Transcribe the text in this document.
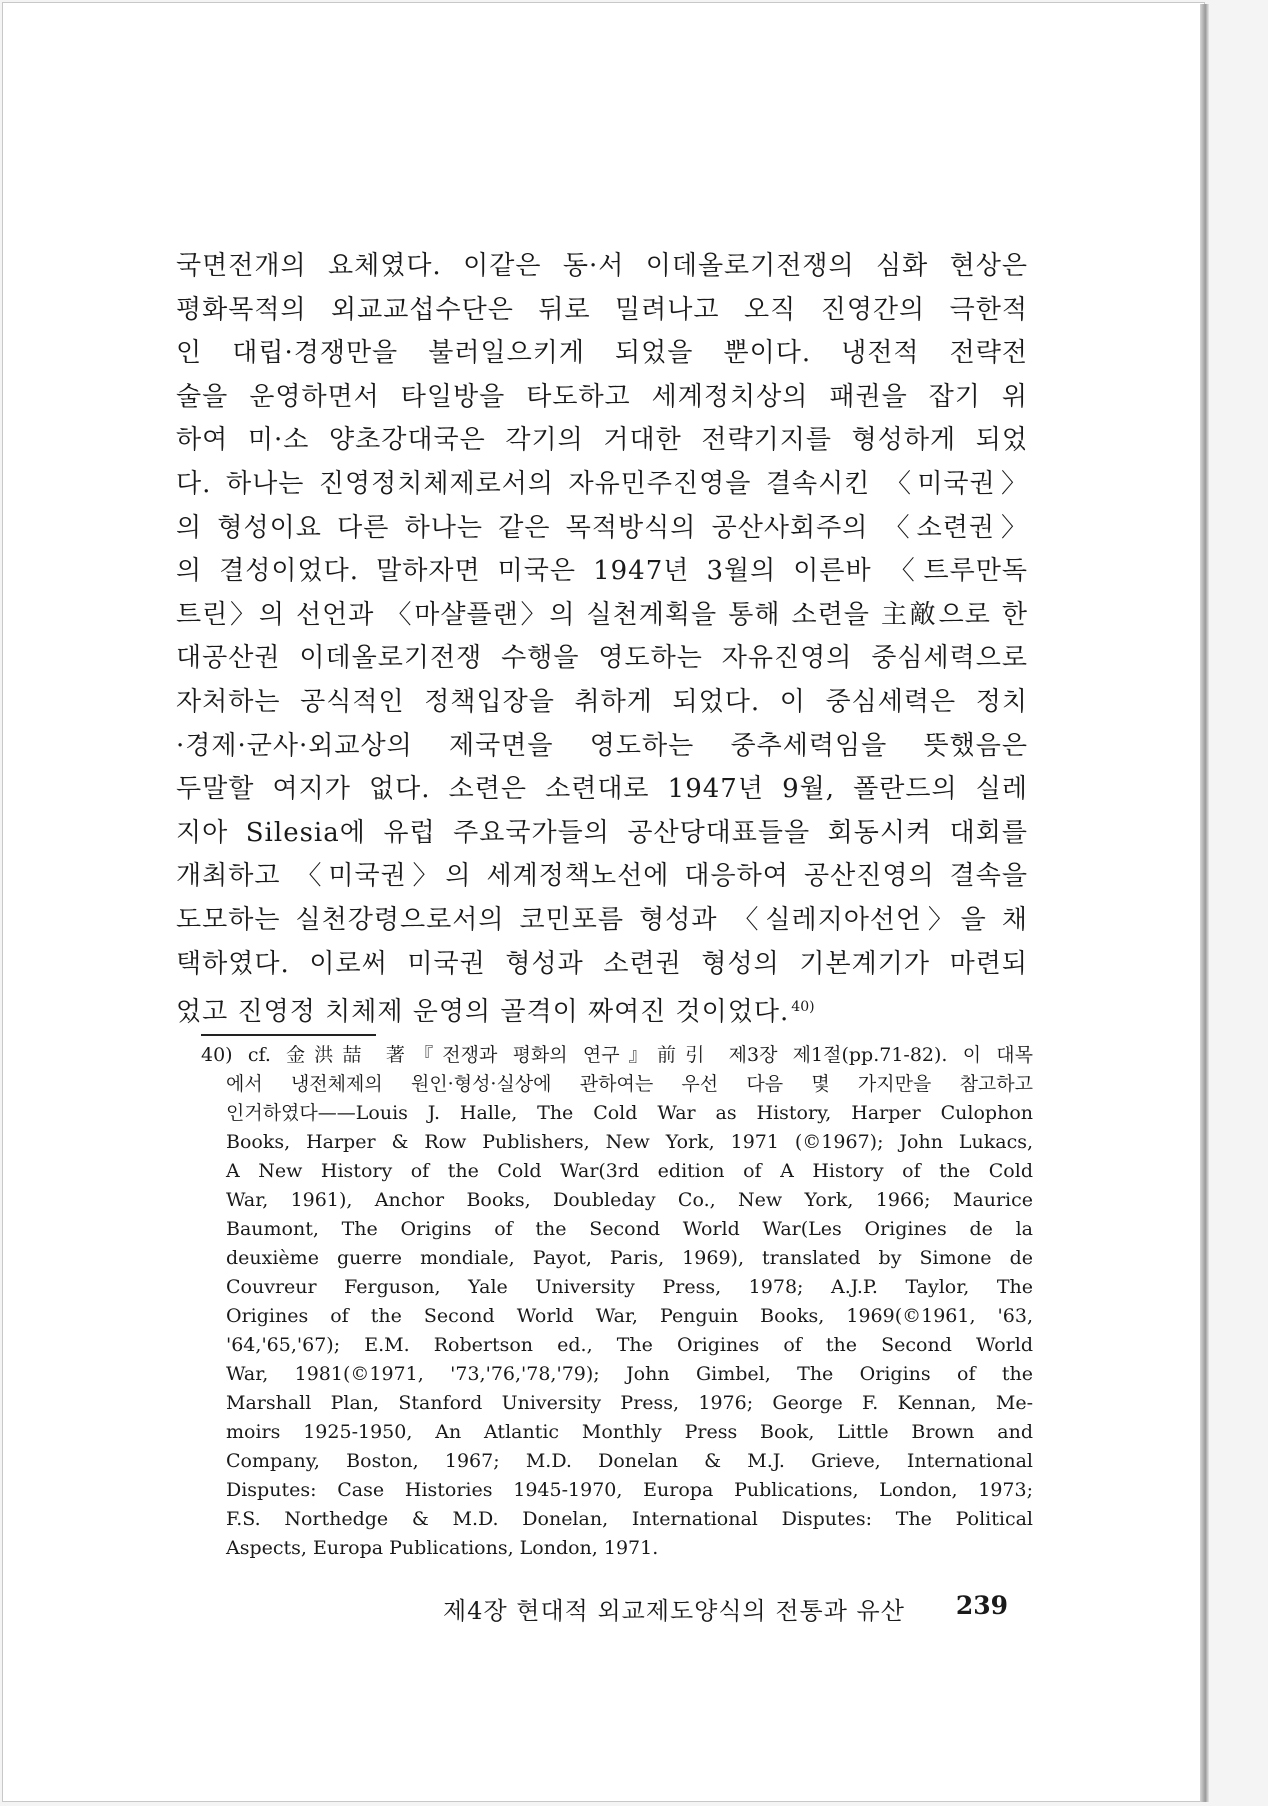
국면전개의 요체였다. 이같은 동·서 이데올로기전쟁의 심화 현상은
평화목적의 외교교섭수단은 뒤로 밀려나고 오직 진영간의 극한적
인 대립·경쟁만을 불러일으키게 되었을 뿐이다. 냉전적 전략전
술을 운영하면서 타일방을 타도하고 세계정치상의 패권을 잡기 위
하여 미·소 양초강대국은 각기의 거대한 전략기지를 형성하게 되었
다. 하나는 진영정치체제로서의 자유민주진영을 결속시킨 〈미국권〉
의 형성이요 다른 하나는 같은 목적방식의 공산사회주의 〈소련권〉
의 결성이었다. 말하자면 미국은 1947년 3월의 이른바 〈트루만독
트린〉의 선언과 〈마샬플랜〉의 실천계획을 통해 소련을 主敵으로 한
대공산권 이데올로기전쟁 수행을 영도하는 자유진영의 중심세력으로
자처하는 공식적인 정책입장을 취하게 되었다. 이 중심세력은 정치
·경제·군사·외교상의 제국면을 영도하는 중추세력임을 뜻했음은
두말할 여지가 없다. 소련은 소련대로 1947년 9월, 폴란드의 실레
지아 Silesia에 유럽 주요국가들의 공산당대표들을 회동시켜 대회를
개최하고 〈미국권〉의 세계정책노선에 대응하여 공산진영의 결속을
도모하는 실천강령으로서의 코민포름 형성과 〈실레지아선언〉을 채
택하였다. 이로써 미국권 형성과 소련권 형성의 기본계기가 마련되
었고 진영정 치체제 운영의 골격이 짜여진 것이었다. $^{40)}$
40) cf. 金洪喆 著『전쟁과 평화의 연구』前引 제3장 제1절(pp.71-82). 이 대목
에서 냉전체제의 원인·형성·실상에 관하여는 우선 다음 몇 가지만을 참고하고
인거하였다——Louis J. Halle, The Cold War as History, Harper Culophon
Books, Harper & Row Publishers, New York, 1971 (©1967); John Lukacs,
A New History of the Cold War(3rd edition of A History of the Cold
War, 1961), Anchor Books, Doubleday Co., New York, 1966; Maurice
Baumont, The Origins of the Second World War(Les Origines de la
deuxième guerre mondiale, Payot, Paris, 1969), translated by Simone de
Couvreur Ferguson, Yale University Press, 1978; A.J.P. Taylor, The
Origines of the Second World War, Penguin Books, 1969(©1961, '63,
'64,'65,'67); E.M. Robertson ed., The Origines of the Second World
War, 1981(©1971, '73,'76,'78,'79); John Gimbel, The Origins of the
Marshall Plan, Stanford University Press, 1976; George F. Kennan, Me-
moirs 1925-1950, An Atlantic Monthly Press Book, Little Brown and
Company, Boston, 1967; M.D. Donelan & M.J. Grieve, International
Disputes: Case Histories 1945-1970, Europa Publications, London, 1973;
F.S. Northedge & M.D. Donelan, International Disputes: The Political
Aspects, Europa Publications, London, 1971.
제4장 현대적 외교제도양식의 전통과 유산 239
